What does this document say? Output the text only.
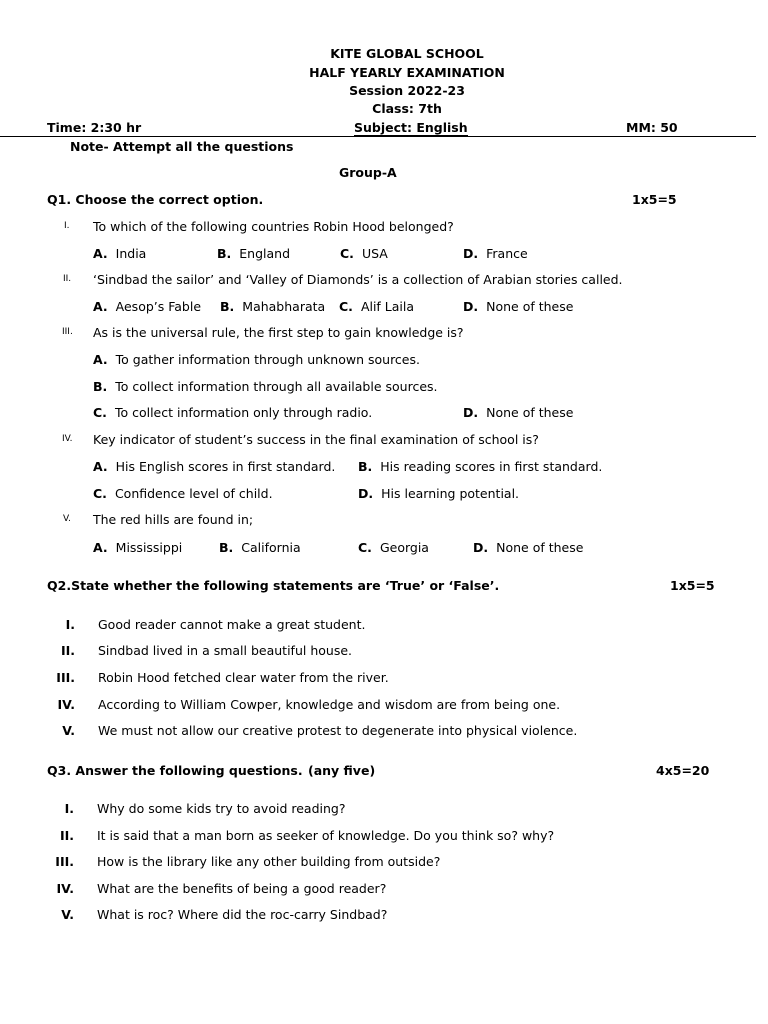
KITE GLOBAL SCHOOL
HALF YEARLY EXAMINATION
Session 2022-23
Class: 7th
Time: 2:30 hr	Subject: English	MM: 50
Note- Attempt all the questions
Group-A
Q1. Choose the correct option.	1x5=5
I. To which of the following countries Robin Hood belonged?
A. India	B. England	C. USA	D. France
II. ‘Sindbad the sailor’ and ‘Valley of Diamonds’ is a collection of Arabian stories called.
A. Aesop’s Fable B. Mahabharata C. Alif Laila	D. None of these
III. As is the universal rule, the first step to gain knowledge is?
A. To gather information through unknown sources.
B. To collect information through all available sources.
C. To collect information only through radio.	D. None of these
IV. Key indicator of student’s success in the final examination of school is?
A. His English scores in first standard. B. His reading scores in first standard.
C. Confidence level of child.	D. His learning potential.
V. The red hills are found in;
A. Mississippi	B. California	C. Georgia	D. None of these
Q2.State whether the following statements are ‘True’ or ‘False’.	1x5=5
I. Good reader cannot make a great student.
II. Sindbad lived in a small beautiful house.
III. Robin Hood fetched clear water from the river.
IV. According to William Cowper, knowledge and wisdom are from being one.
V. We must not allow our creative protest to degenerate into physical violence.
Q3. Answer the following questions. (any five)	4x5=20
I. Why do some kids try to avoid reading?
II. It is said that a man born as seeker of knowledge. Do you think so? why?
III. How is the library like any other building from outside?
IV. What are the benefits of being a good reader?
V. What is roc? Where did the roc-carry Sindbad?
